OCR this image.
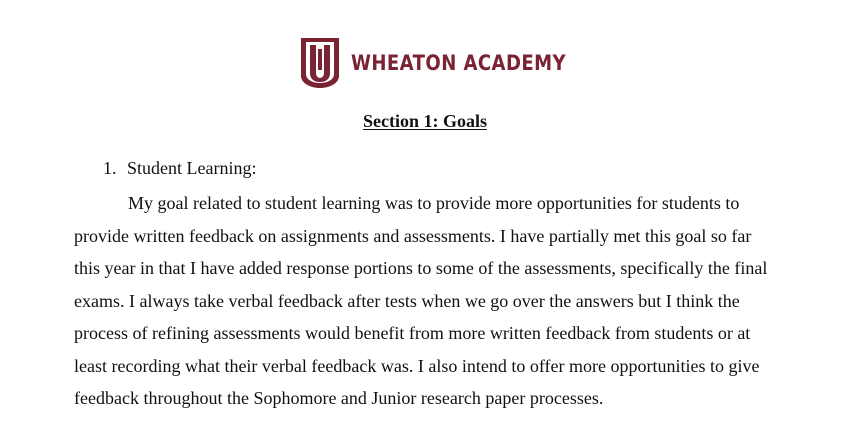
WHEATON ACADEMY
Section 1: Goals
1. Student Learning:
My goal related to student learning was to provide more opportunities for students to
provide written feedback on assignments and assessments. I have partially met this goal so far
this year in that I have added response portions to some of the assessments, specifically the final
exams. I always take verbal feedback after tests when we go over the answers but I think the
process of refining assessments would benefit from more written feedback from students or at
least recording what their verbal feedback was. I also intend to offer more opportunities to give
feedback throughout the Sophomore and Junior research paper processes.
